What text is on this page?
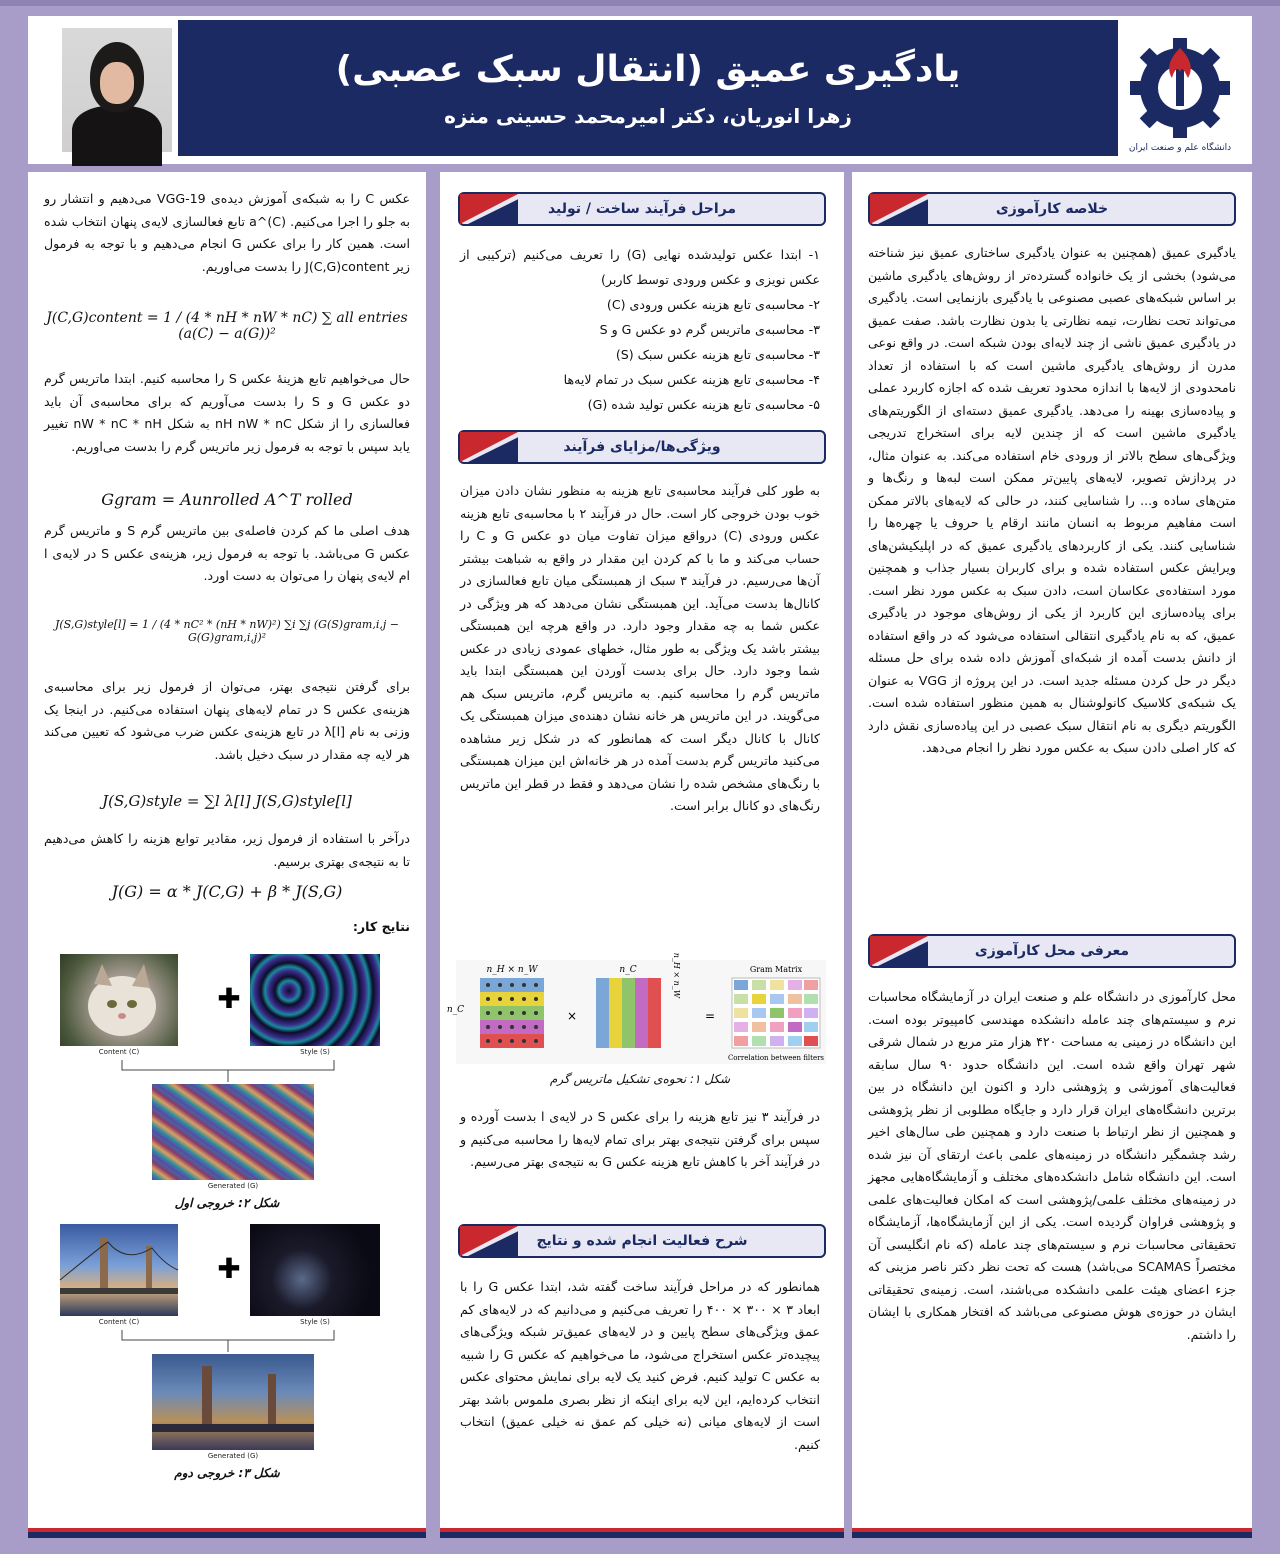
یادگیری عمیق (انتقال سبک عصبی)
زهرا انوریان، دکتر امیرمحمد حسینی منزه
دانشگاه علم و صنعت ایران
خلاصه کارآموزی
یادگیری عمیق (همچنین به عنوان یادگیری ساختاری عمیق نیز شناخته می‌شود) بخشی از یک خانواده گسترده‌تر از روش‌های یادگیری ماشین بر اساس شبکه‌های عصبی مصنوعی با یادگیری بازنمایی است. یادگیری می‌تواند تحت نظارت، نیمه نظارتی یا بدون نظارت باشد. صفت عمیق در یادگیری عمیق ناشی از چند لایه‌ای بودن شبکه است. در واقع نوعی مدرن از روش‌های یادگیری ماشین است که با استفاده از تعداد نامحدودی از لایه‌ها با اندازه محدود تعریف شده که اجازه کاربرد عملی و پیاده‌سازی بهینه را می‌دهد. یادگیری عمیق دسته‌ای از الگوریتم‌های یادگیری ماشین است که از چندین لایه برای استخراج تدریجی ویژگی‌های سطح بالاتر از ورودی خام استفاده می‌کند. به عنوان مثال، در پردازش تصویر، لایه‌های پایین‌تر ممکن است لبه‌ها و رنگ‌ها و متن‌های ساده و... را شناسایی کنند، در حالی که لایه‌های بالاتر ممکن است مفاهیم مربوط به انسان مانند ارقام یا حروف یا چهره‌ها را شناسایی کنند. یکی از کاربردهای یادگیری عمیق که در اپلیکیشن‌های ویرایش عکس استفاده شده و برای کاربران بسیار جذاب و همچنین مورد استفاده‌ی عکاسان است، دادن سبک به عکس مورد نظر است. برای پیاده‌سازی این کاربرد از یکی از روش‌های موجود در یادگیری عمیق، که به نام یادگیری انتقالی استفاده می‌شود که در واقع استفاده از دانش بدست آمده از شبکه‌ای آموزش داده شده برای حل مسئله دیگر در حل کردن مسئله جدید است. در این پروژه از VGG به عنوان یک شبکه‌ی کلاسیک کانولوشنال به همین منظور استفاده شده است. الگوریتم دیگری به نام انتقال سبک عصبی در این پیاده‌سازی نقش دارد که کار اصلی دادن سبک به عکس مورد نظر را انجام می‌دهد.
معرفی محل کارآموزی
محل کارآموزی در دانشگاه علم و صنعت ایران در آزمایشگاه محاسبات نرم و سیستم‌های چند عامله دانشکده مهندسی کامپیوتر بوده است. این دانشگاه در زمینی به مساحت ۴۲۰ هزار متر مربع در شمال شرقی شهر تهران واقع شده است. این دانشگاه حدود ۹۰ سال سابقه فعالیت‌های آموزشی و پژوهشی دارد و اکنون این دانشگاه در بین برترین دانشگاه‌های ایران قرار دارد و جایگاه مطلوبی از نظر پژوهشی و همچنین از نظر ارتباط با صنعت دارد و همچنین طی سال‌های اخیر رشد چشمگیر دانشگاه در زمینه‌های علمی باعث ارتقای آن نیز شده است. این دانشگاه شامل دانشکده‌های مختلف و آزمایشگاه‌هایی مجهز در زمینه‌های مختلف علمی/پژوهشی است که امکان فعالیت‌های علمی و پژوهشی فراوان گردیده است. یکی از این آزمایشگاه‌ها، آزمایشگاه تحقیقاتی محاسبات نرم و سیستم‌های چند عامله (که نام انگلیسی آن مختصراً SCAMAS می‌باشد) هست که تحت نظر دکتر ناصر مزینی که جزء اعضای هیئت علمی دانشکده می‌باشند، است. زمینه‌ی تحقیقاتی ایشان در حوزه‌ی هوش مصنوعی می‌باشد که افتخار همکاری با ایشان را داشتم.
مراحل فرآیند ساخت / تولید
۱- ابتدا عکس تولیدشده نهایی (G) را تعریف می‌کنیم (ترکیبی از عکس نویزی و عکس ورودی توسط کاربر)
۲- محاسبه‌ی تابع هزینه عکس ورودی (C)
۳- محاسبه‌ی ماتریس گرم دو عکس G و S
۳- محاسبه‌ی تابع هزینه عکس سبک (S)
۴- محاسبه‌ی تابع هزینه عکس سبک در تمام لایه‌ها
۵- محاسبه‌ی تابع هزینه عکس تولید شده (G)
ویژگی‌ها/مزایای فرآیند
به طور کلی فرآیند محاسبه‌ی تابع هزینه به منظور نشان دادن میزان خوب بودن خروجی کار است. حال در فرآیند ۲ با محاسبه‌ی تابع هزینه عکس ورودی (C) درواقع میزان تفاوت میان دو عکس G و C را حساب می‌کند و ما با کم کردن این مقدار در واقع به شباهت بیشتر آن‌ها می‌رسیم. در فرآیند ۳ سبک از همبستگی میان تابع فعالسازی در کانال‌ها بدست می‌آید. این همبستگی نشان می‌دهد که هر ویژگی در عکس شما به چه مقدار وجود دارد. در واقع هرچه این همبستگی بیشتر باشد یک ویژگی به طور مثال، خطهای عمودی زیادی در عکس شما وجود دارد. حال برای بدست آوردن این همبستگی ابتدا باید ماتریس گرم را محاسبه کنیم. به ماتریس گرم، ماتریس سبک هم می‌گویند. در این ماتریس هر خانه نشان دهنده‌ی میزان همبستگی یک کانال با کانال دیگر است که همانطور که در شکل زیر مشاهده می‌کنید ماتریس گرم بدست آمده در هر خانه‌اش این میزان همبستگی با رنگ‌های مشخص شده را نشان می‌دهد و فقط در قطر این ماتریس رنگ‌های دو کانال برابر است.
n_H × n_W
n_C	×
n_C	n_H × n_W
=
Gram Matrix
Correlation between filters
شکل ۱: نحوه‌ی تشکیل ماتریس گرم
در فرآیند ۳ نیز تابع هزینه را برای عکس S در لایه‌ی l بدست آورده و سپس برای گرفتن نتیجه‌ی بهتر برای تمام لایه‌ها را محاسبه می‌کنیم و در فرآیند آخر با کاهش تابع هزینه عکس G به نتیجه‌ی بهتر می‌رسیم.
شرح فعالیت انجام شده و نتایج
همانطور که در مراحل فرآیند ساخت گفته شد، ابتدا عکس G را با ابعاد ۳ × ۳۰۰ × ۴۰۰ را تعریف می‌کنیم و می‌دانیم که در لایه‌های کم عمق ویژگی‌های سطح پایین و در لایه‌های عمیق‌تر شبکه ویژگی‌های پیچیده‌تر عکس استخراج می‌شود، ما می‌خواهیم که عکس G را شبیه به عکس C تولید کنیم. فرض کنید یک لایه برای نمایش محتوای عکس انتخاب کرده‌ایم، این لایه برای اینکه از نظر بصری ملموس باشد بهتر است از لایه‌های میانی (نه خیلی کم عمق نه خیلی عمیق) انتخاب کنیم.
عکس C را به شبکه‌ی آموزش دیده‌ی VGG-19 می‌دهیم و انتشار رو به جلو را اجرا می‌کنیم. a^(C) تابع فعالسازی لایه‌ی پنهان انتخاب شده است. همین کار را برای عکس G انجام می‌دهیم و با توجه به فرمول زیر J(C,G)content را بدست می‌اوریم.
J(C,G)content = 1 / (4 * nH * nW * nC) ∑ all entries (a(C) − a(G))²
حال می‌خواهیم تابع هزینهٔ عکس S را محاسبه کنیم. ابتدا ماتریس گرم دو عکس G و S را بدست می‌آوریم که برای محاسبه‌ی آن باید فعالسازی را از شکل nH nW * nC به شکل nW * nC * nH تغییر یابد سپس با توجه به فرمول زیر ماتریس گرم را بدست می‌اوریم.
Ggram = Aunrolled A^T rolled
هدف اصلی ما کم کردن فاصله‌ی بین ماتریس گرم S و ماتریس گرم عکس G می‌باشد. با توجه به فرمول زیر، هزینه‌ی عکس S در لایه‌ی l ام لایه‌ی پنهان را می‌توان به دست اورد.
J(S,G)style[l] = 1 / (4 * nC² * (nH * nW)²) ∑i ∑j (G(S)gram,i,j − G(G)gram,i,j)²
برای گرفتن نتیجه‌ی بهتر، می‌توان از فرمول زیر برای محاسبه‌ی هزینه‌ی عکس S در تمام لایه‌های پنهان استفاده می‌کنیم. در اینجا یک وزنی به نام λ[l] در تابع هزینه‌ی عکس ضرب می‌شود که تعیین می‌کند هر لایه چه مقدار در سبک دخیل باشد.
J(S,G)style = ∑l λ[l] J(S,G)style[l]
درآخر با استفاده از فرمول زیر، مقادیر توابع هزینه را کاهش می‌دهیم تا به نتیجه‌ی بهتری برسیم.
J(G) = α * J(C,G) + β * J(S,G)
نتایج کار:
Content (C)
✚
Style (S)
Generated (G)
شکل ۲: خروجی اول
Content (C)
✚
Style (S)
Generated (G)
شکل ۳: خروجی دوم
